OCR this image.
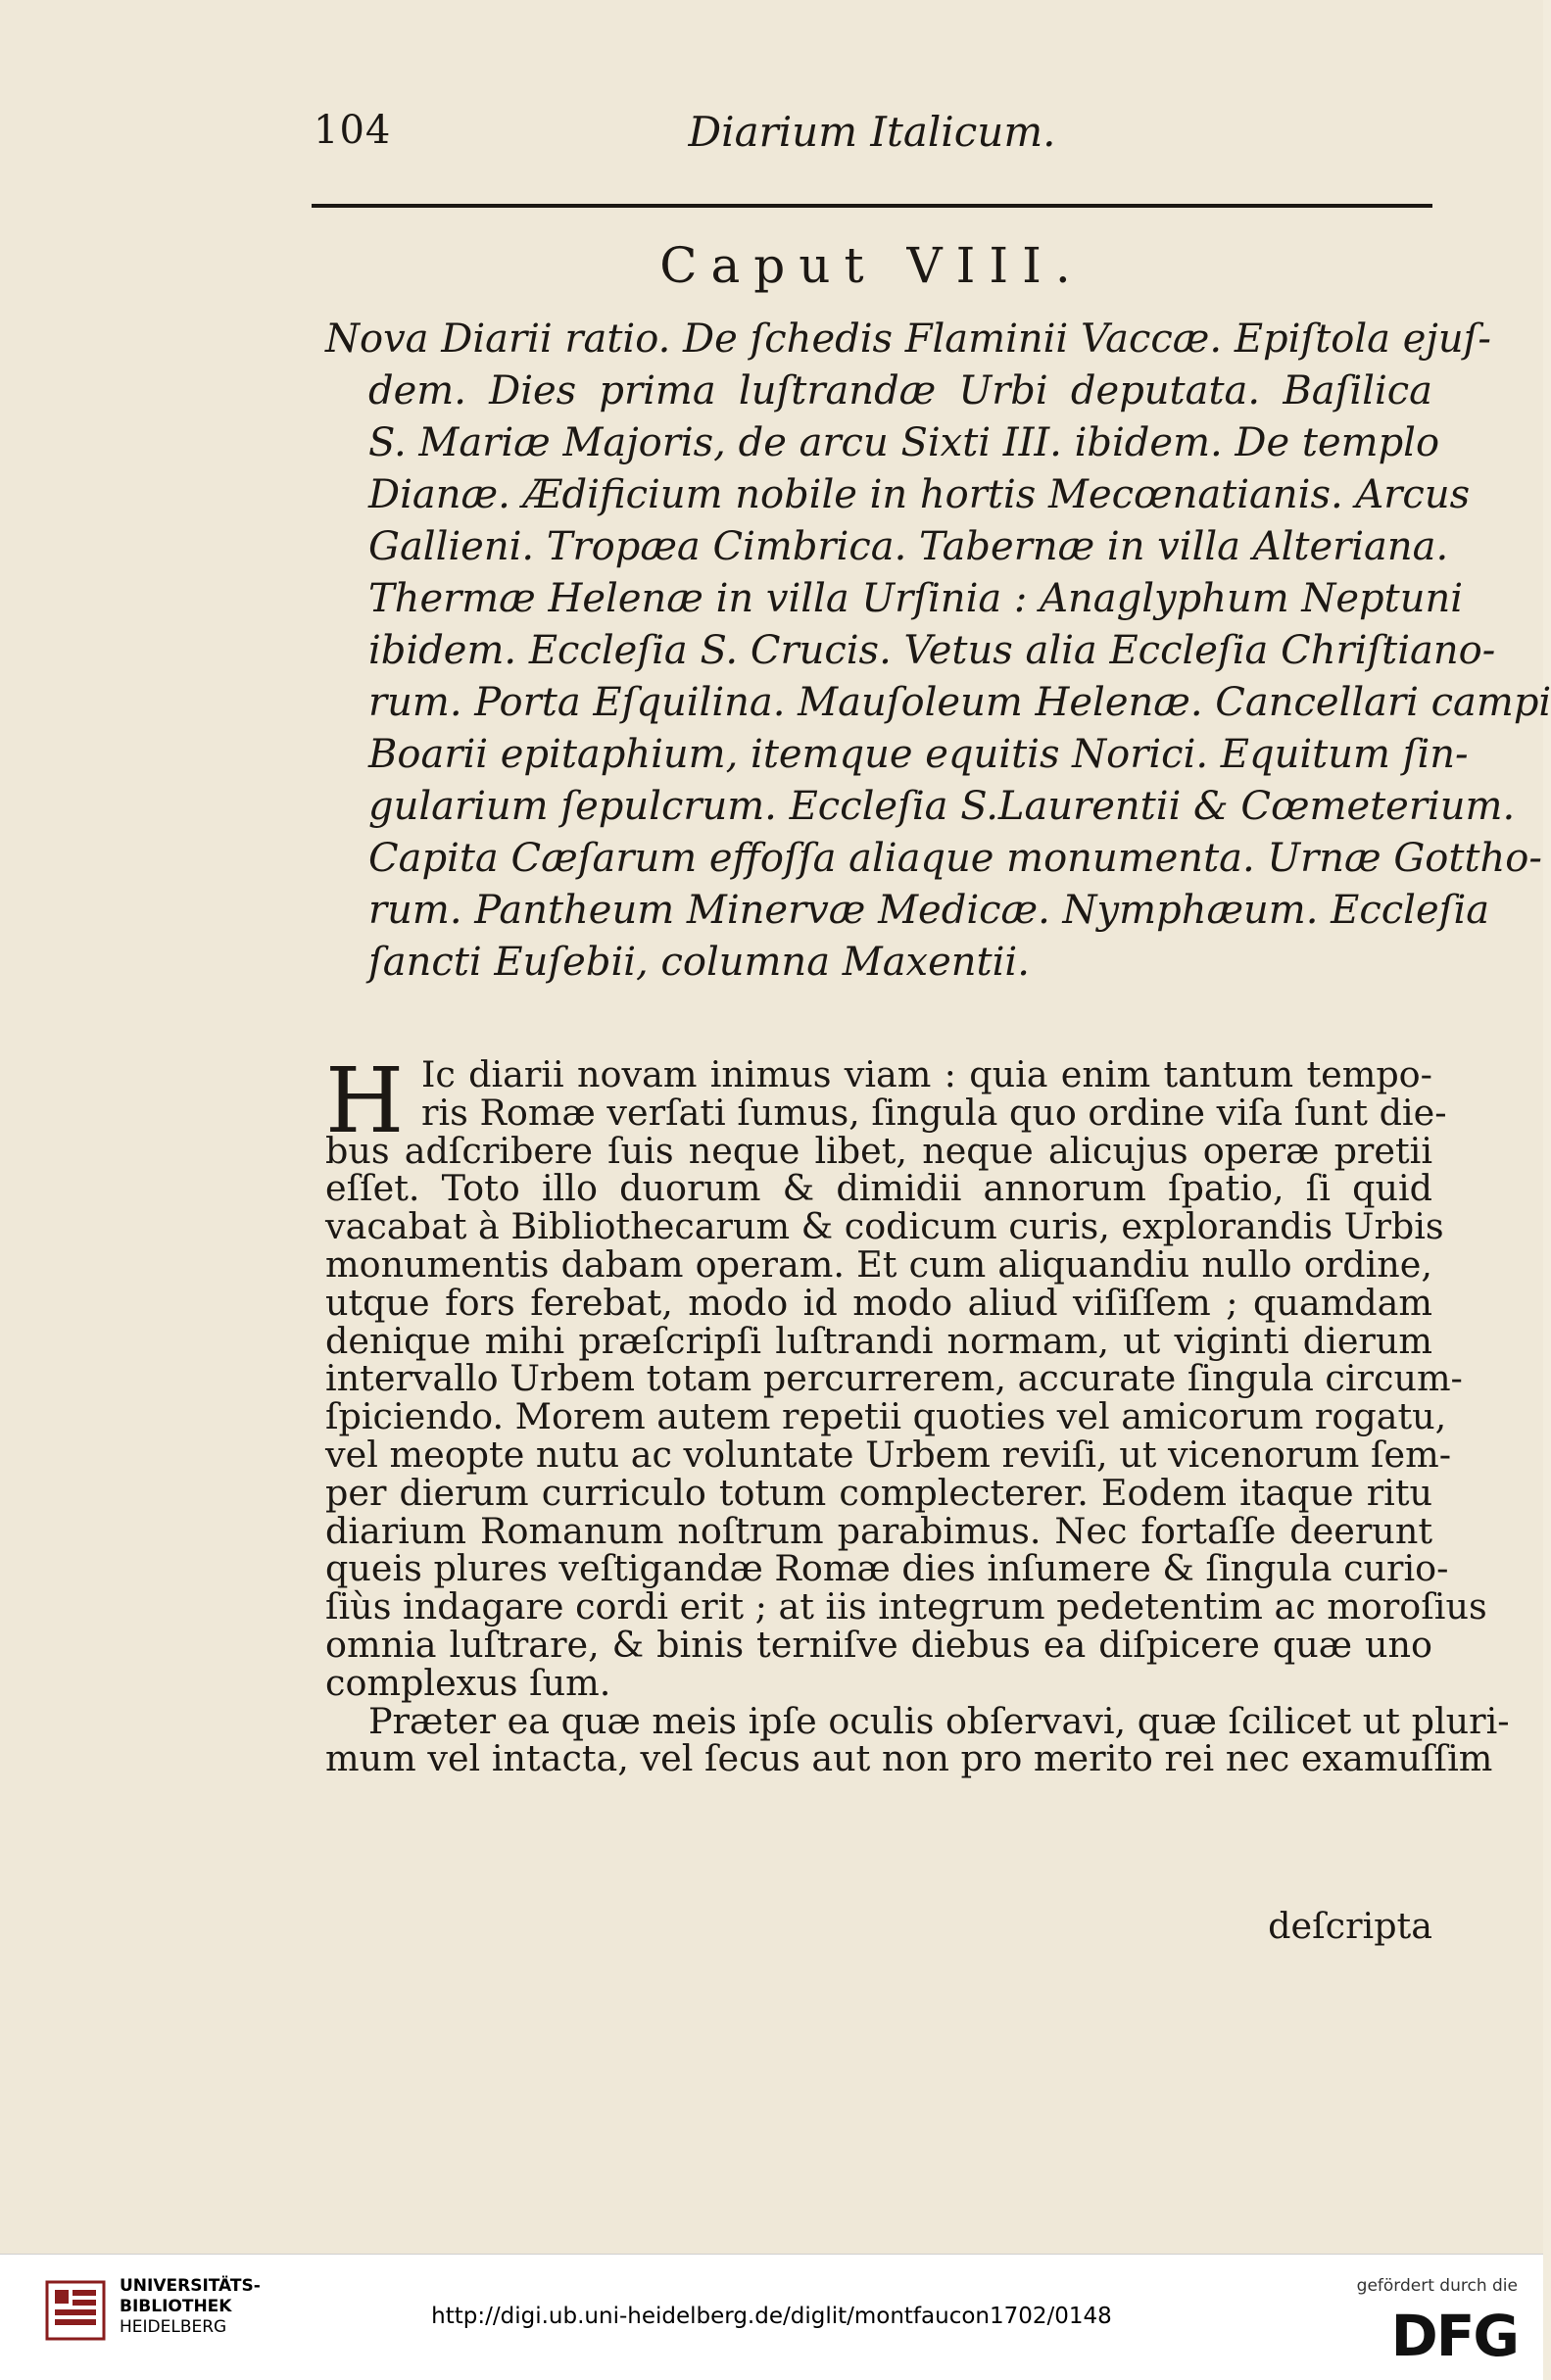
104	Diarium Italicum.
Caput VIII.
Nova Diarii ratio. De ſchedis Flaminii Vaccæ. Epiſtola ejuſ-
dem. Dies prima luſtrandæ Urbi deputata. Baſilica
S. Mariæ Majoris, de arcu Sixti III. ibidem. De templo
Dianæ. Ædificium nobile in hortis Mecœnatianis. Arcus
Gallieni. Tropæa Cimbrica. Tabernæ in villa Alteriana.
Thermæ Helenæ in villa Urſinia : Anaglyphum Neptuni
ibidem. Eccleſia S. Crucis. Vetus alia Eccleſia Chriſtiano-
rum. Porta Eſquilina. Mauſoleum Helenæ. Cancellari campi
Boarii epitaphium, itemque equitis Norici. Equitum ſin-
gularium ſepulcrum. Eccleſia S.Laurentii & Cœmeterium.
Capita Cæſarum effoſſa aliaque monumenta. Urnæ Gottho-
rum. Pantheum Minervæ Medicæ. Nymphæum. Eccleſia
ſancti Euſebii, columna Maxentii.
H Ic diarii novam inimus viam : quia enim tantum tempo-
ris Romæ verſati ſumus, ſingula quo ordine viſa ſunt die-
bus adſcribere ſuis neque libet, neque alicujus operæ pretii
eſſet. Toto illo duorum & dimidii annorum ſpatio, ſi quid
vacabat à Bibliothecarum & codicum curis, explorandis Urbis
monumentis dabam operam. Et cum aliquandiu nullo ordine,
utque fors ferebat, modo id modo aliud viſiſſem ; quamdam
denique mihi præſcripſi luſtrandi normam, ut viginti dierum
intervallo Urbem totam percurrerem, accurate ſingula circum-
ſpiciendo. Morem autem repetii quoties vel amicorum rogatu,
vel meopte nutu ac voluntate Urbem reviſi, ut vicenorum ſem-
per dierum curriculo totum complecterer. Eodem itaque ritu
diarium Romanum noſtrum parabimus. Nec fortaſſe deerunt
queis plures veſtigandæ Romæ dies inſumere & ſingula curio-
ſiùs indagare cordi erit ; at iis integrum pedetentim ac moroſius
omnia luſtrare, & binis terniſve diebus ea diſpicere quæ uno
complexus ſum.
Præter ea quæ meis ipſe oculis obſervavi, quæ ſcilicet ut pluri-
mum vel intacta, vel ſecus aut non pro merito rei nec examuſſim
deſcripta
UNIVERSITÄTS-
BIBLIOTHEK
HEIDELBERG	http://digi.ub.uni-heidelberg.de/diglit/montfaucon1702/0148
gefördert durch die
DFG
